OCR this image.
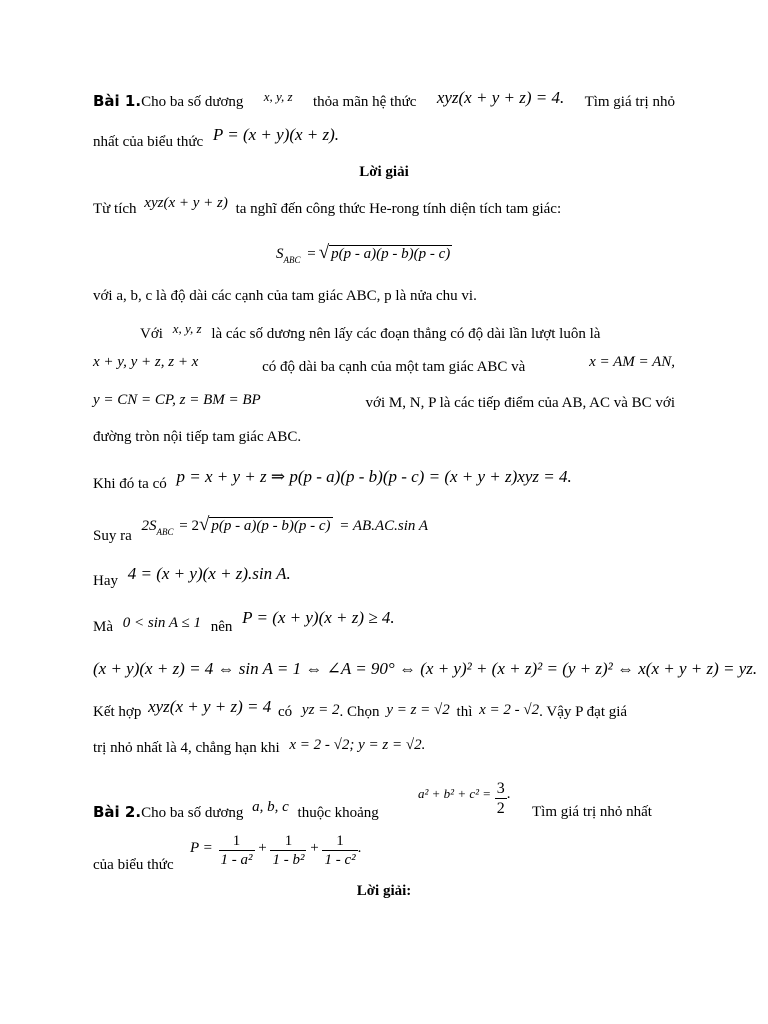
Bài 1.Cho ba số dương x, y, z thỏa mãn hệ thức xyz(x + y + z) = 4. Tìm giá trị nhỏ
nhất của biểu thức P = (x + y)(x + z).
Lời giải
Từ tích xyz(x + y + z) ta nghĩ đến công thức He-rong tính diện tích tam giác:
$S_{ABC}$ = √ p(p - a)(p - b)(p - c)
với a, b, c là độ dài các cạnh của tam giác ABC, p là nửa chu vi.
Với x, y, z là các số dương nên lấy các đoạn thẳng có độ dài lần lượt luôn là
x + y, y + z, z + x	có độ dài ba cạnh của một tam giác ABC và	x = AM = AN,
y = CN = CP, z = BM = BP	với M, N, P là các tiếp điểm của AB, AC và BC với
đường tròn nội tiếp tam giác ABC.
Khi đó ta có p = x + y + z ⇒ p(p - a)(p - b)(p - c) = (x + y + z)xyz = 4.
Suy ra $2S_{ABC} = 2√$ p(p - a)(p - b)(p - c) = AB.AC.sin A
Hay 4 = (x + y)(x + z).sin A.
Mà 0 < sin A ≤ 1 nên P = (x + y)(x + z) ≥ 4.
(x + y)(x + z) = 4 ⇔ sin A = 1 ⇔ ∠A = 90° ⇔ (x + y)² + (x + z)² = (y + z)² ⇔ x(x + y + z) = yz.
Kết hợp xyz(x + y + z) = 4 có yz = 2. Chọn y = z = √2 thì x = 2 - √2. Vậy P đạt giá
trị nhỏ nhất là 4, chẳng hạn khi x = 2 - √2; y = z = √2.
Bài 2.Cho ba số dương a, b, c thuộc khoảng
$a^2 + b^2 + c^2 = \frac{3}{2}$ .
Tìm giá trị nhỏ nhất
của biểu thức
$P = \frac{1}{\text{1 - a²}} + \frac{1}{\text{1 - b²}} + \frac{1}{\text{1 - c²}}$ .
Lời giải:
